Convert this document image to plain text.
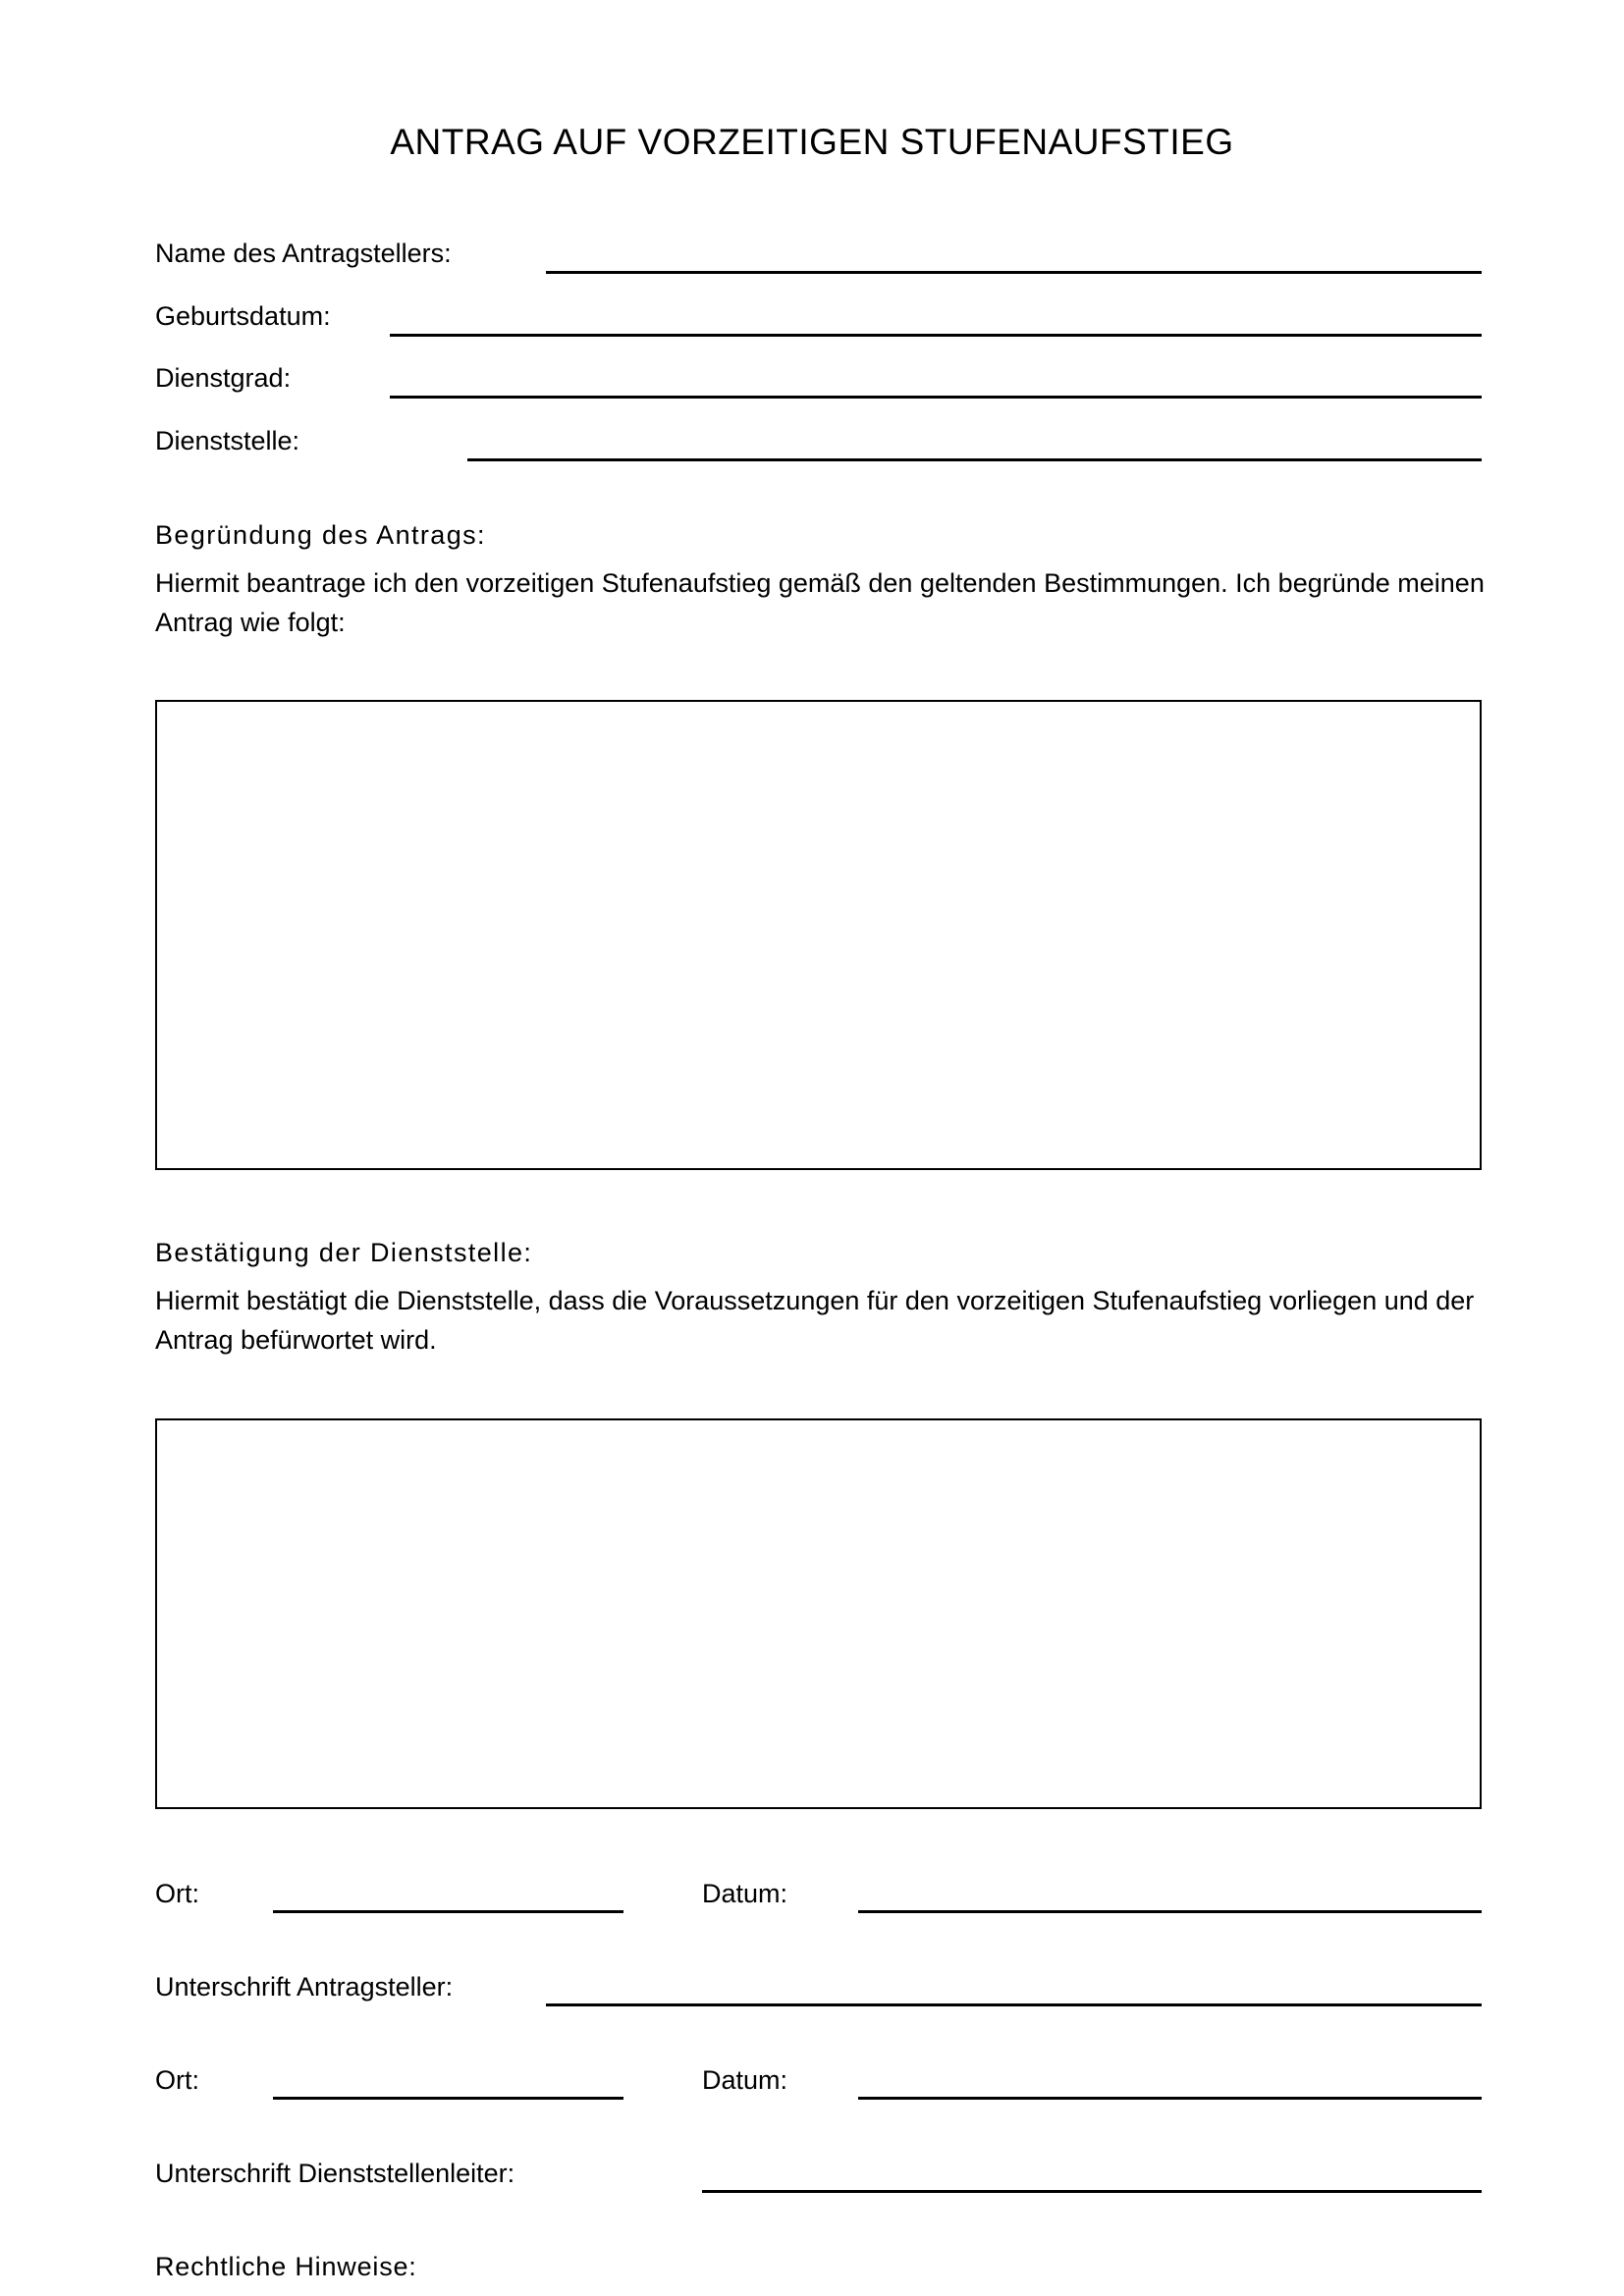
ANTRAG AUF VORZEITIGEN STUFENAUFSTIEG
Name des Antragstellers:
Geburtsdatum:
Dienstgrad:
Dienststelle:
Begründung des Antrags:
Hiermit beantrage ich den vorzeitigen Stufenaufstieg gemäß den geltenden Bestimmungen. Ich begründe meinen Antrag wie folgt:
Bestätigung der Dienststelle:
Hiermit bestätigt die Dienststelle, dass die Voraussetzungen für den vorzeitigen Stufenaufstieg vorliegen und der Antrag befürwortet wird.
Ort:	Datum:
Unterschrift Antragsteller:
Ort:	Datum:
Unterschrift Dienststellenleiter:
Rechtliche Hinweise:
